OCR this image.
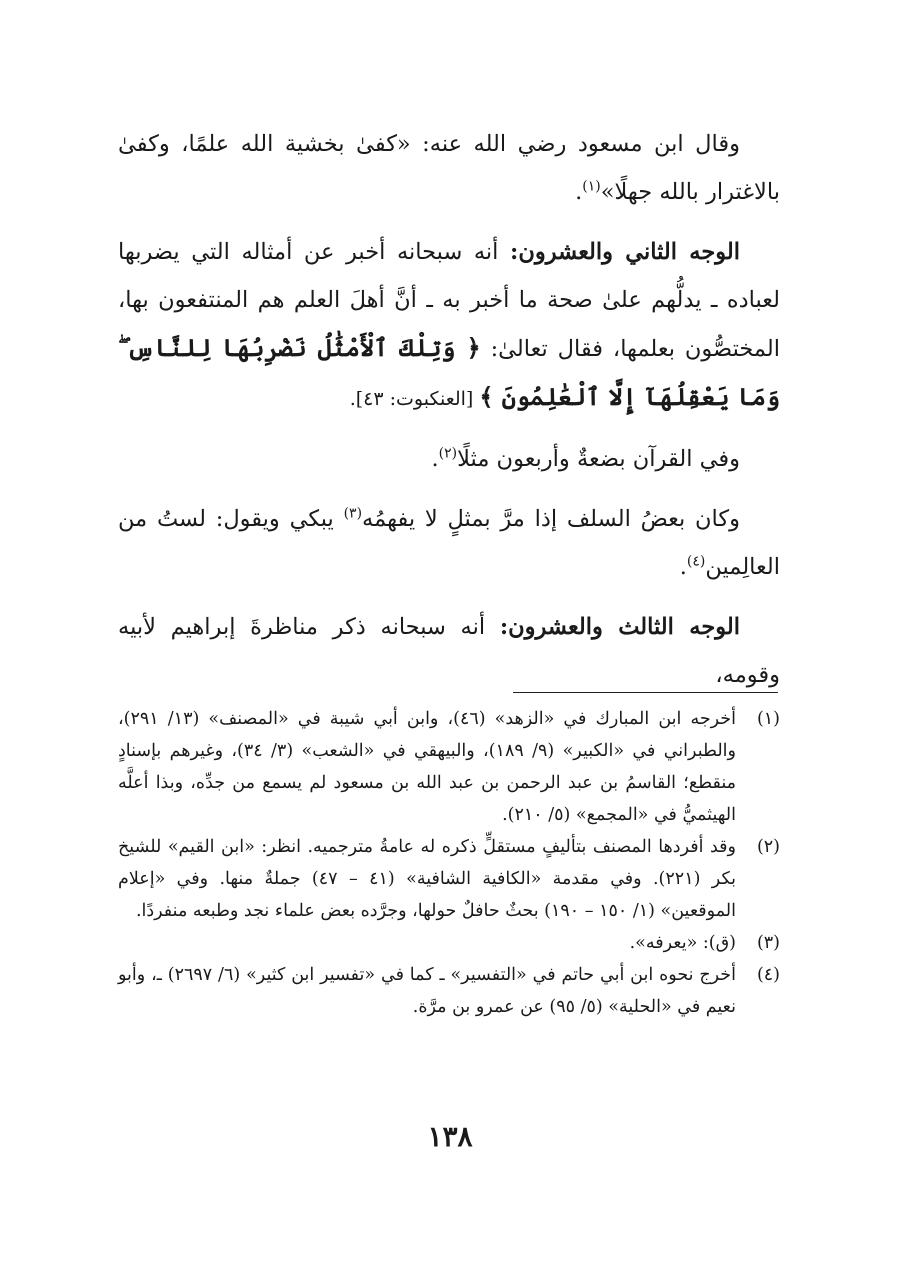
وقال ابن مسعود رضي الله عنه: «كفىٰ بخشية الله علمًا، وكفىٰ بالاغترار بالله جهلًا»$^{(١)}$.

الوجه الثاني والعشرون: أنه سبحانه أخبر عن أمثاله التي يضربها لعباده ـ يدلُّهم علىٰ صحة ما أخبر به ـ أنَّ أهلَ العلم هم المنتفعون بها، المختصُّون بعلمها، فقال تعالىٰ: ﴿ وَتِلْكَ ٱلْأَمْثَٰلُ نَضْرِبُهَا لِلنَّاسِ ۖ وَمَا يَعْقِلُهَآ إِلَّا ٱلْعَٰلِمُونَ ﴾ [العنكبوت: ٤٣].

وفي القرآن بضعةٌ وأربعون مثلًا$^{(٢)}$.

وكان بعضُ السلف إذا مرَّ بمثلٍ لا يفهمُه$^{(٣)}$ يبكي ويقول: لستُ من العالِمين$^{(٤)}$.

الوجه الثالث والعشرون: أنه سبحانه ذكر مناظرةَ إبراهيم لأبيه وقومه،

(١)
أخرجه ابن المبارك في «الزهد» (٤٦)، وابن أبي شيبة في «المصنف» (١٣/ ٢٩١)، والطبراني في «الكبير» (٩/ ١٨٩)، والبيهقي في «الشعب» (٣/ ٣٤)، وغيرهم بإسنادٍ منقطع؛ القاسمُ بن عبد الرحمن بن عبد الله بن مسعود لم يسمع من جدِّه، وبذا أعلَّه الهيثميُّ في «المجمع» (٥/ ٢١٠).
(٢)
وقد أفردها المصنف بتأليفٍ مستقلٍّ ذكره له عامةُ مترجميه. انظر: «ابن القيم» للشيخ بكر (٢٢١). وفي مقدمة «الكافية الشافية» (٤١ – ٤٧) جملةٌ منها. وفي «إعلام الموقعين» (١/ ١٥٠ – ١٩٠) بحثٌ حافلٌ حولها، وجرَّده بعض علماء نجد وطبعه منفردًا.
(٣)
(ق): «يعرفه».
(٤)
أخرج نحوه ابن أبي حاتم في «التفسير» ـ كما في «تفسير ابن كثير» (٦/ ٢٦٩٧) ـ، وأبو نعيم في «الحلية» (٥/ ٩٥) عن عمرو بن مرَّة.
١٣٨
